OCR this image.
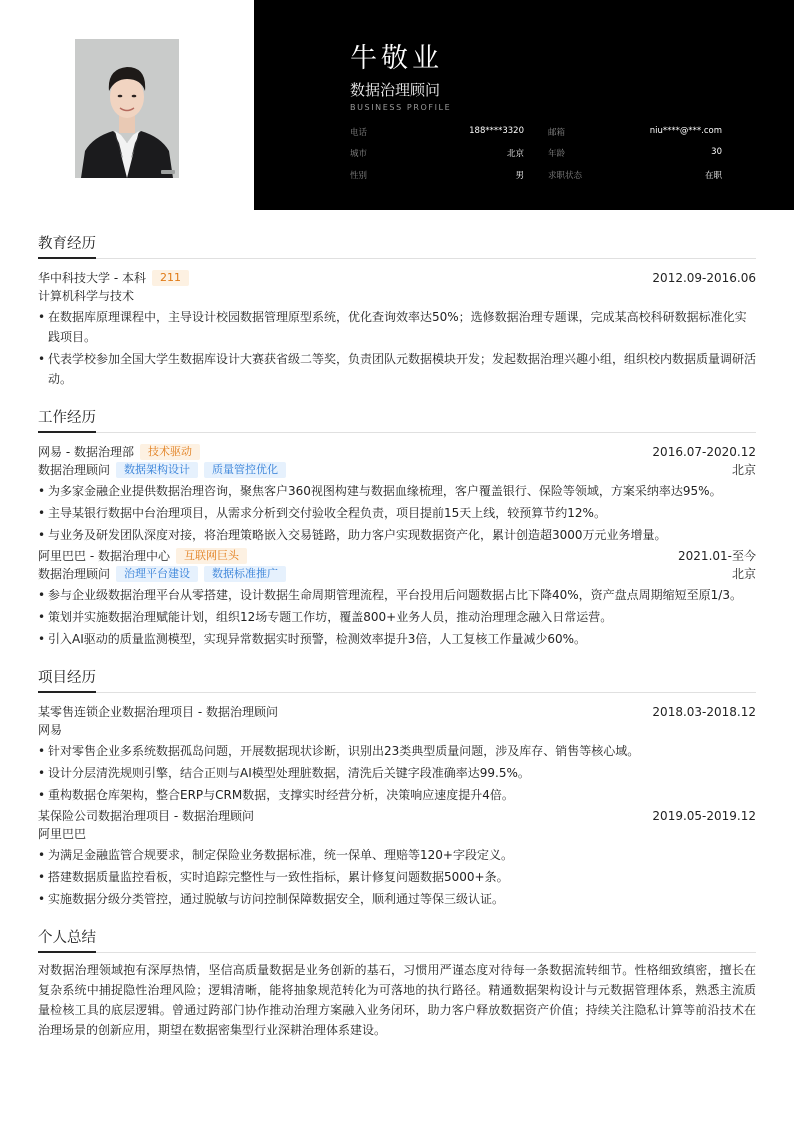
牛敬业
数据治理顾问
BUSINESS PROFILE
电话	188****3320	邮箱	niu****@***.com
城市	北京	年龄	30
性别	男	求职状态	在职
教育经历
华中科技大学 - 本科	211	2012.09-2016.06
计算机科学与技术
• 在数据库原理课程中，主导设计校园数据管理原型系统，优化查询效率达50%；选修数据治理专题课，完成某高校科研数据标准化实践项目。
• 代表学校参加全国大学生数据库设计大赛获省级二等奖，负责团队元数据模块开发；发起数据治理兴趣小组，组织校内数据质量调研活动。
工作经历
网易 - 数据治理部	技术驱动	2016.07-2020.12
数据治理顾问	数据架构设计	质量管控优化	北京
• 为多家金融企业提供数据治理咨询，聚焦客户360视图构建与数据血缘梳理，客户覆盖银行、保险等领域，方案采纳率达95%。
• 主导某银行数据中台治理项目，从需求分析到交付验收全程负责，项目提前15天上线，较预算节约12%。
• 与业务及研发团队深度对接，将治理策略嵌入交易链路，助力客户实现数据资产化，累计创造超3000万元业务增量。
阿里巴巴 - 数据治理中心	互联网巨头	2021.01-至今
数据治理顾问	治理平台建设	数据标准推广	北京
• 参与企业级数据治理平台从零搭建，设计数据生命周期管理流程，平台投用后问题数据占比下降40%，资产盘点周期缩短至原1/3。
• 策划并实施数据治理赋能计划，组织12场专题工作坊，覆盖800+业务人员，推动治理理念融入日常运营。
• 引入AI驱动的质量监测模型，实现异常数据实时预警，检测效率提升3倍，人工复核工作量减少60%。
项目经历
某零售连锁企业数据治理项目 - 数据治理顾问	2018.03-2018.12
网易
• 针对零售企业多系统数据孤岛问题，开展数据现状诊断，识别出23类典型质量问题，涉及库存、销售等核心域。
• 设计分层清洗规则引擎，结合正则与AI模型处理脏数据，清洗后关键字段准确率达99.5%。
• 重构数据仓库架构，整合ERP与CRM数据，支撑实时经营分析，决策响应速度提升4倍。
某保险公司数据治理项目 - 数据治理顾问	2019.05-2019.12
阿里巴巴
• 为满足金融监管合规要求，制定保险业务数据标准，统一保单、理赔等120+字段定义。
• 搭建数据质量监控看板，实时追踪完整性与一致性指标，累计修复问题数据5000+条。
• 实施数据分级分类管控，通过脱敏与访问控制保障数据安全，顺利通过等保三级认证。
个人总结
对数据治理领域抱有深厚热情，坚信高质量数据是业务创新的基石，习惯用严谨态度对待每一条数据流转细节。性格细致缜密，擅长在复杂系统中捕捉隐性治理风险；逻辑清晰，能将抽象规范转化为可落地的执行路径。精通数据架构设计与元数据管理体系，熟悉主流质量检核工具的底层逻辑。曾通过跨部门协作推动治理方案融入业务闭环，助力客户释放数据资产价值；持续关注隐私计算等前沿技术在治理场景的创新应用，期望在数据密集型行业深耕治理体系建设。
